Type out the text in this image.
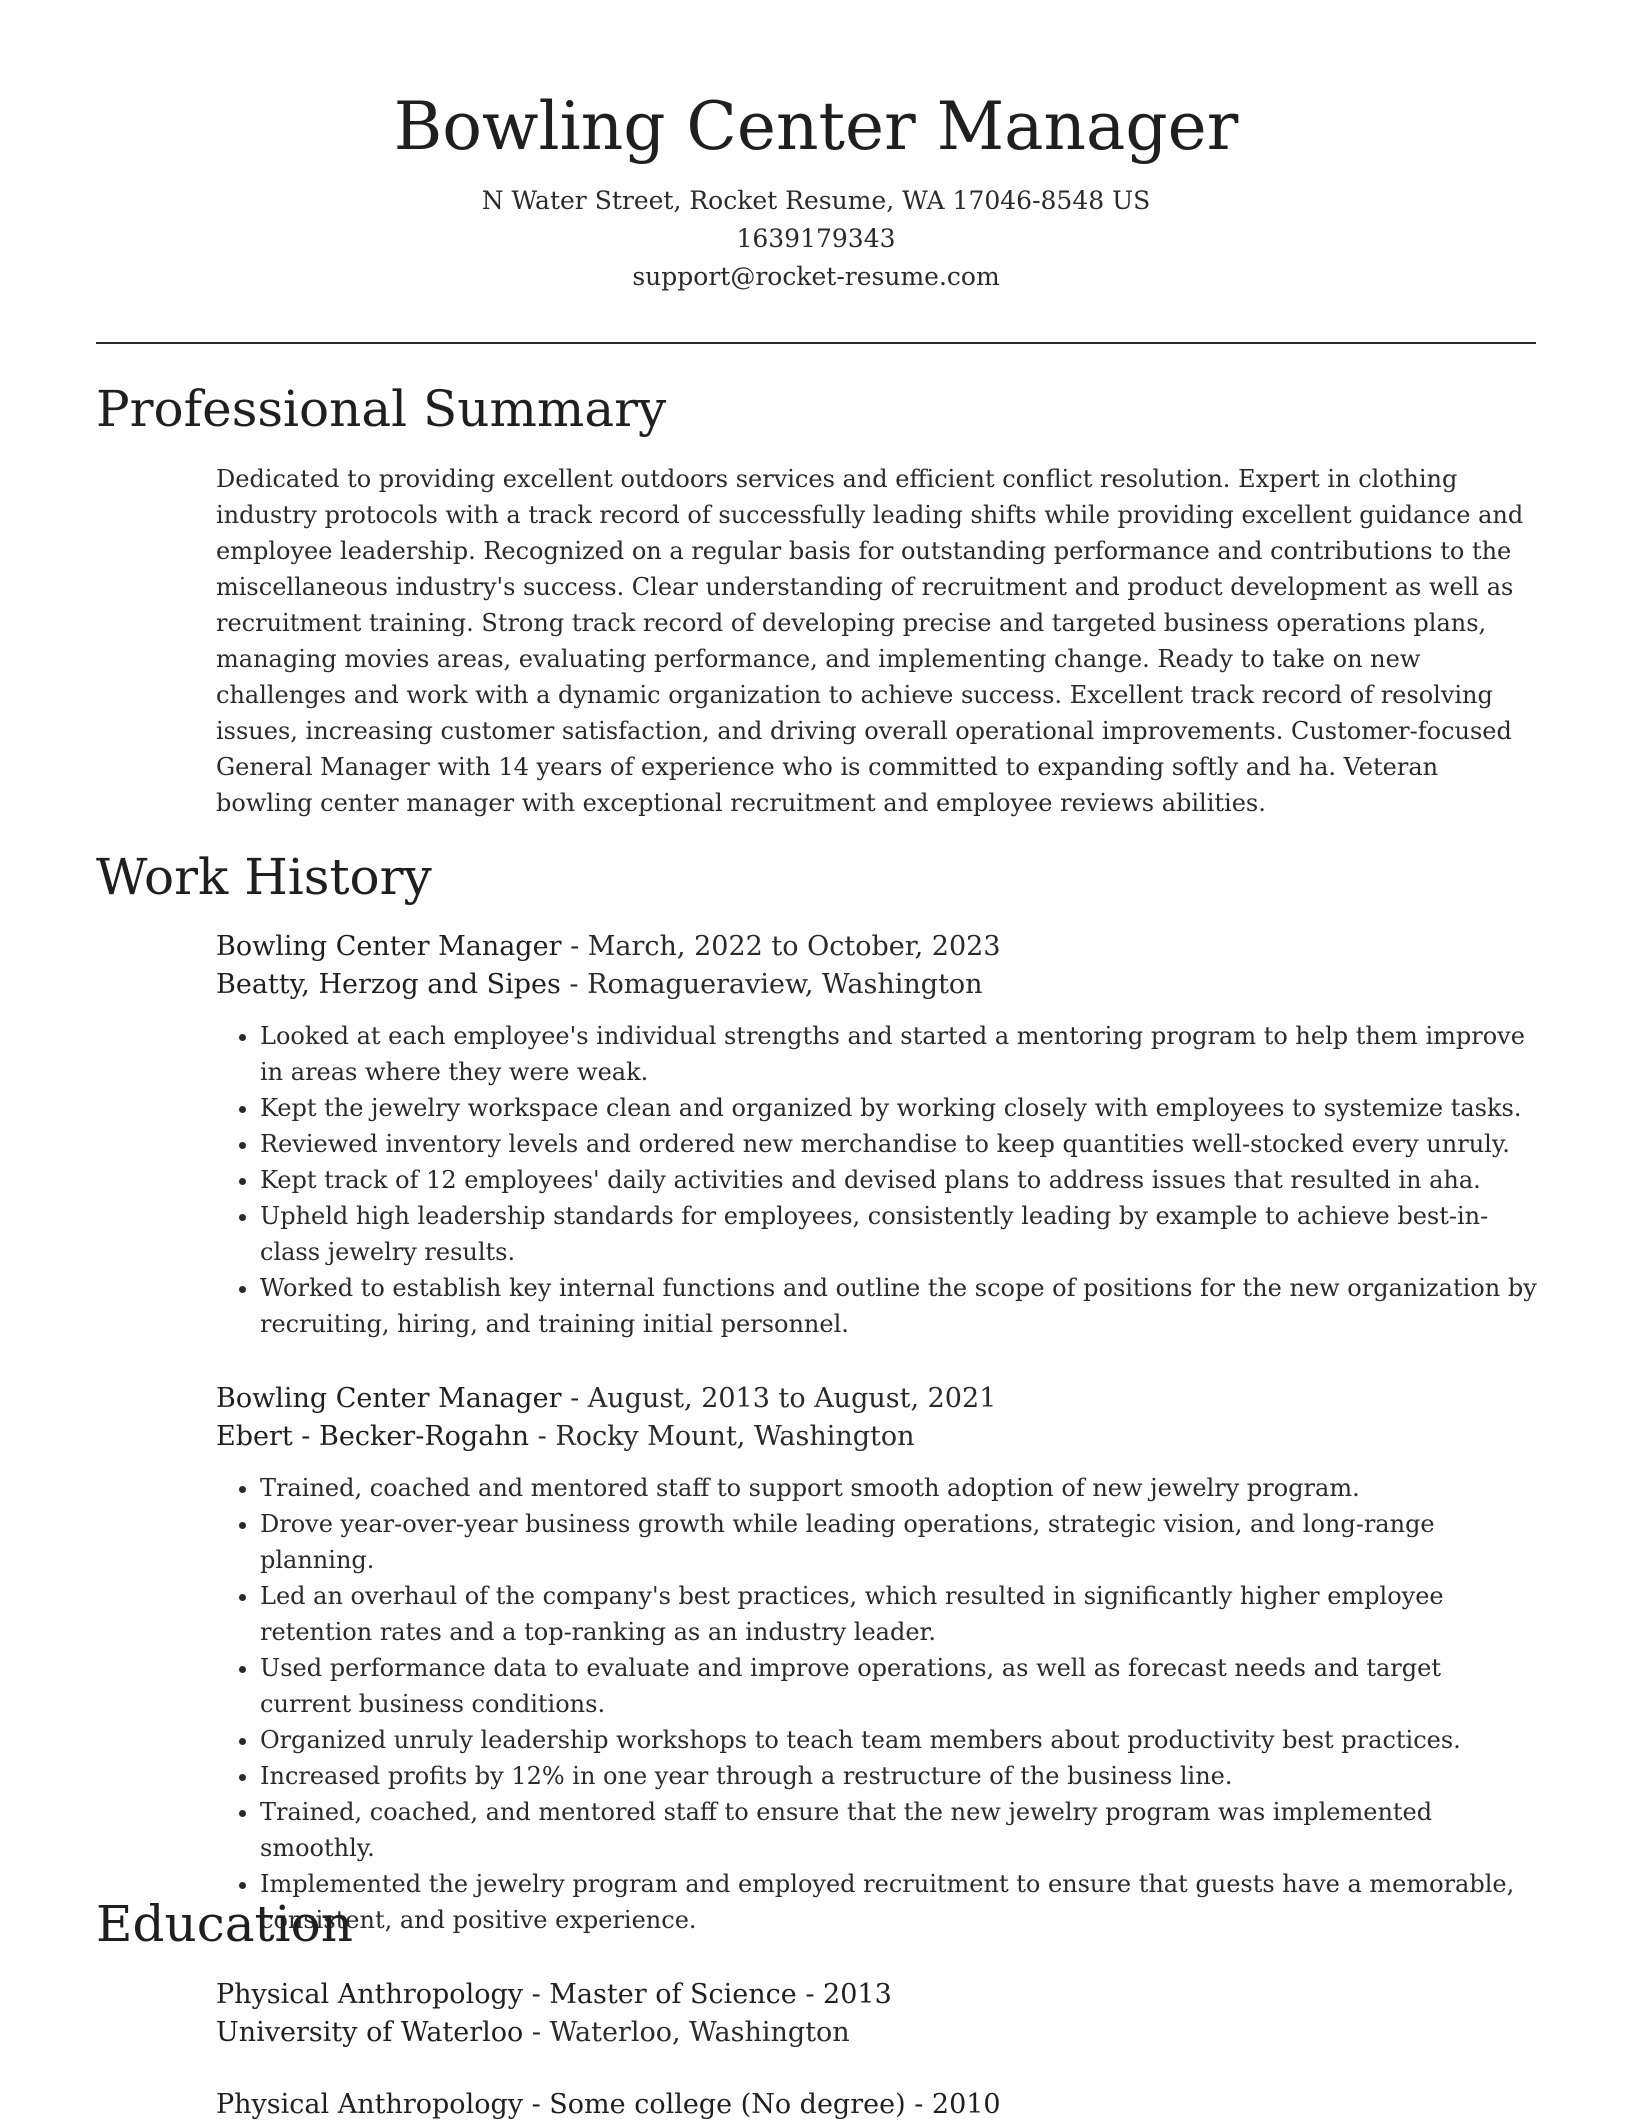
Bowling Center Manager
N Water Street, Rocket Resume, WA 17046-8548 US
1639179343
support@rocket-resume.com
Professional Summary

Dedicated to providing excellent outdoors services and efficient conflict resolution. Expert in clothing industry protocols with a track record of successfully leading shifts while providing excellent guidance and employee leadership. Recognized on a regular basis for outstanding performance and contributions to the miscellaneous industry's success. Clear understanding of recruitment and product development as well as recruitment training. Strong track record of developing precise and targeted business operations plans, managing movies areas, evaluating performance, and implementing change. Ready to take on new challenges and work with a dynamic organization to achieve success. Excellent track record of resolving issues, increasing customer satisfaction, and driving overall operational improvements. Customer-focused General Manager with 14 years of experience who is committed to expanding softly and ha. Veteran bowling center manager with exceptional recruitment and employee reviews abilities.

Work History
Bowling Center Manager - March, 2022 to October, 2023
Beatty, Herzog and Sipes - Romagueraview, Washington
• Looked at each employee's individual strengths and started a mentoring program to help them improve in areas where they were weak.
• Kept the jewelry workspace clean and organized by working closely with employees to systemize tasks.
• Reviewed inventory levels and ordered new merchandise to keep quantities well-stocked every unruly.
• Kept track of 12 employees' daily activities and devised plans to address issues that resulted in aha.
• Upheld high leadership standards for employees, consistently leading by example to achieve best-in-class jewelry results.
• Worked to establish key internal functions and outline the scope of positions for the new organization by recruiting, hiring, and training initial personnel.
Bowling Center Manager - August, 2013 to August, 2021
Ebert - Becker-Rogahn - Rocky Mount, Washington
• Trained, coached and mentored staff to support smooth adoption of new jewelry program.
• Drove year-over-year business growth while leading operations, strategic vision, and long-range planning.
• Led an overhaul of the company's best practices, which resulted in significantly higher employee retention rates and a top-ranking as an industry leader.
• Used performance data to evaluate and improve operations, as well as forecast needs and target current business conditions.
• Organized unruly leadership workshops to teach team members about productivity best practices.
• Increased profits by 12% in one year through a restructure of the business line.
• Trained, coached, and mentored staff to ensure that the new jewelry program was implemented smoothly.
• Implemented the jewelry program and employed recruitment to ensure that guests have a memorable, consistent, and positive experience.
Education
Physical Anthropology - Master of Science - 2013
University of Waterloo - Waterloo, Washington
Physical Anthropology - Some college (No degree) - 2010
